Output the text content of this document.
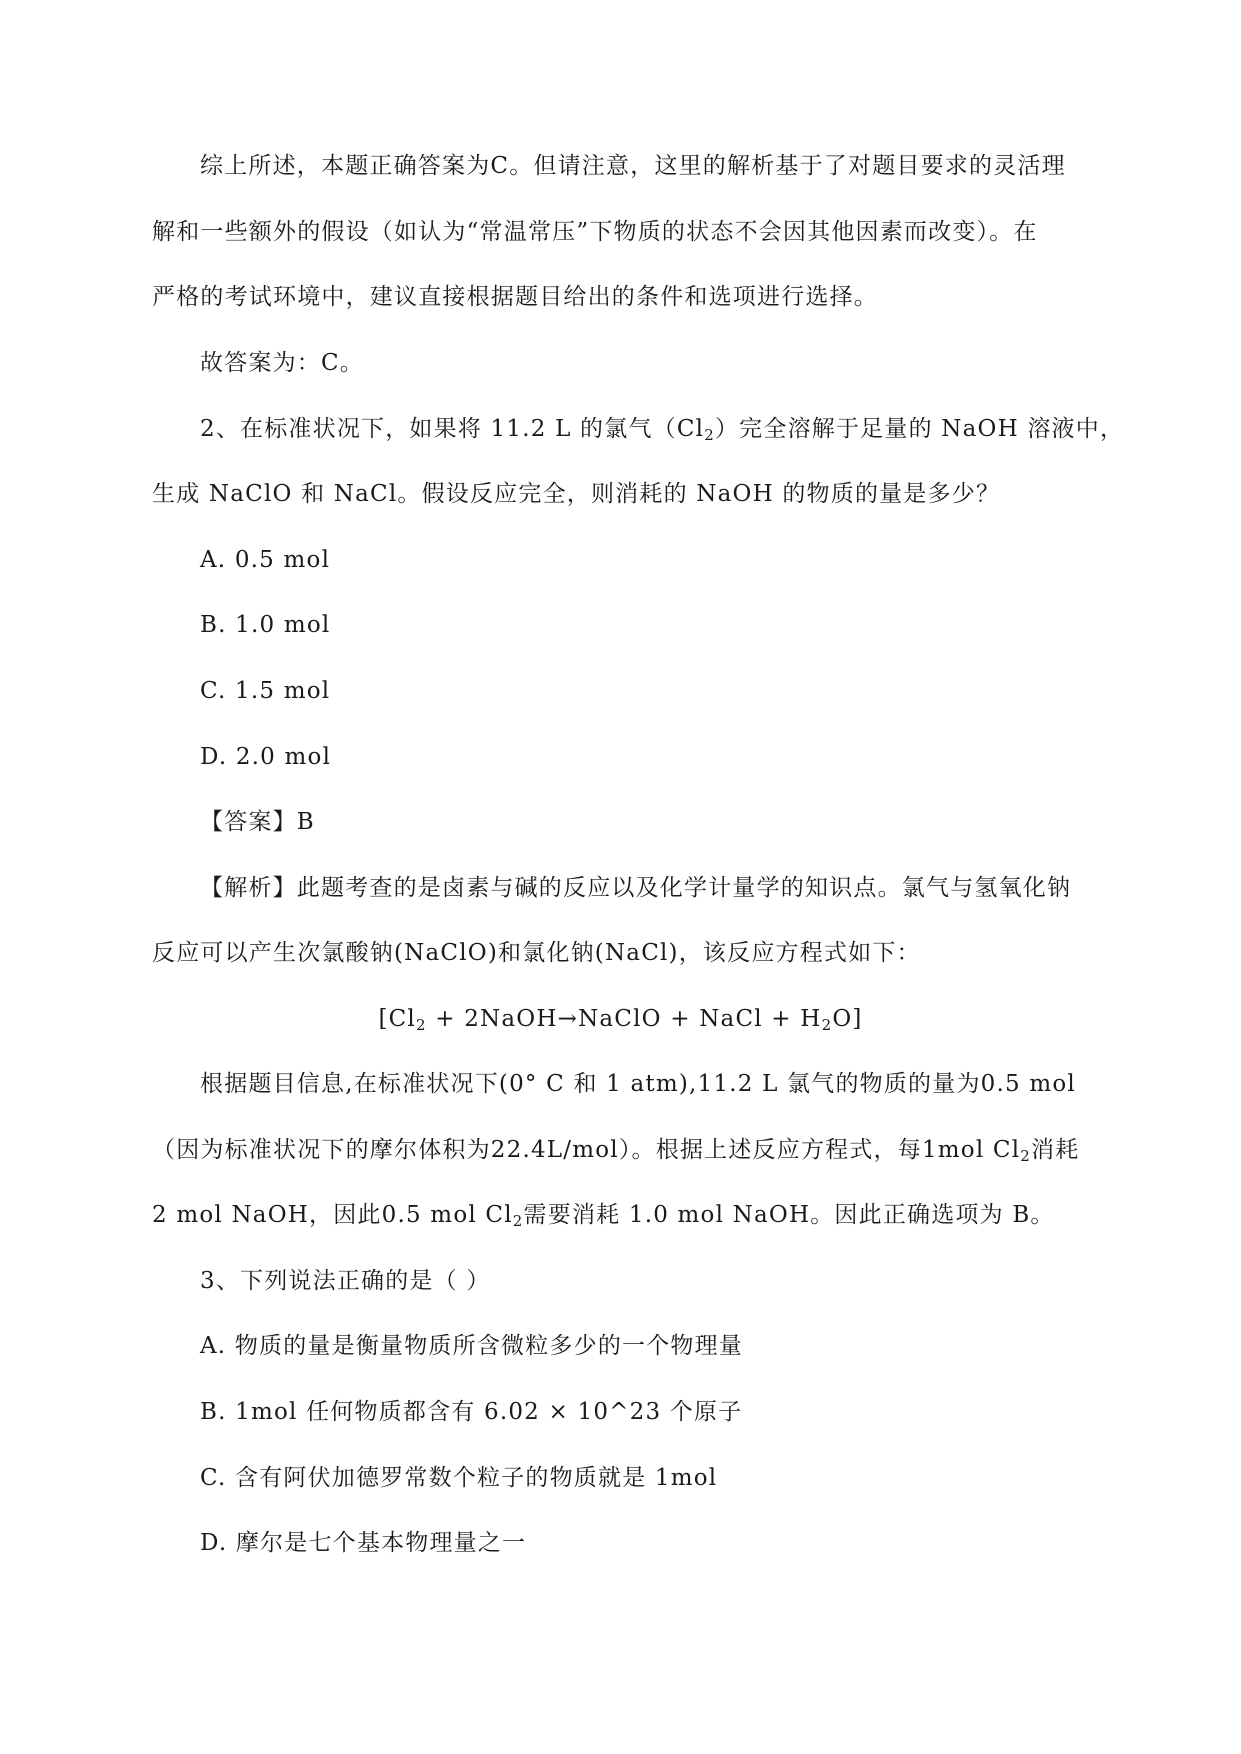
综上所述，本题正确答案为C。但请注意，这里的解析基于了对题目要求的灵活理
解和一些额外的假设（如认为“常温常压”下物质的状态不会因其他因素而改变）。在
严格的考试环境中，建议直接根据题目给出的条件和选项进行选择。
故答案为：C。
2、在标准状况下，如果将 11.2 L 的氯气$(Cl_2)$完全溶解于足量的 NaOH 溶液中，
生成 NaClO 和 NaCl。假设反应完全，则消耗的 NaOH 的物质的量是多少？
A. 0.5 mol
B. 1.0 mol
C. 1.5 mol
D. 2.0 mol
【答案】B
【解析】此题考查的是卤素与碱的反应以及化学计量学的知识点。氯气与氢氧化钠
反应可以产生次氯酸钠(NaClO)和氯化钠(NaCl)，该反应方程式如下：
[$Cl_2$ + 2NaOH→NaClO + NaCl + $H_2O$]
根据题目信息,在标准状况下(0° C 和 1 atm),11.2 L 氯气的物质的量为0.5 mol
（因为标准状况下的摩尔体积为22.4L/mol）。根据上述反应方程式，每1mol $Cl_2$消耗
2 mol NaOH，因此0.5 mol $Cl_2$需要消耗 1.0 mol NaOH。因此正确选项为 B。
3、下列说法正确的是（ ）
A. 物质的量是衡量物质所含微粒多少的一个物理量
B. 1mol 任何物质都含有 6.02 × 10^23 个原子
C. 含有阿伏加德罗常数个粒子的物质就是 1mol
D. 摩尔是七个基本物理量之一
